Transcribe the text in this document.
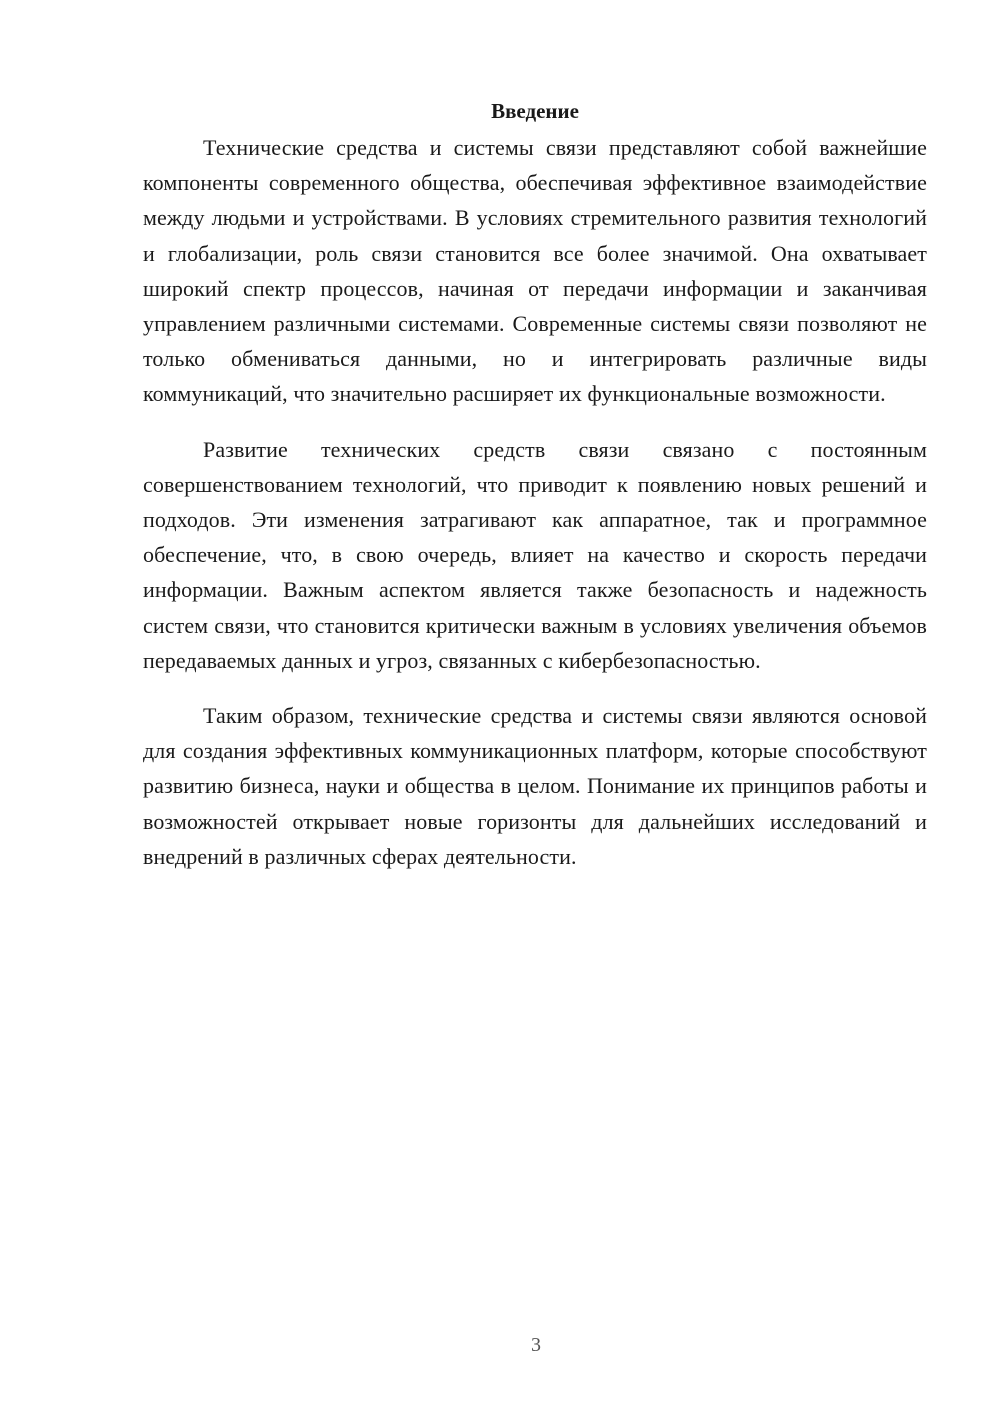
Введение

Технические средства и системы связи представляют собой важнейшие компоненты современного общества, обеспечивая эффективное взаимодействие между людьми и устройствами. В условиях стремительного развития технологий и глобализации, роль связи становится все более значимой. Она охватывает широкий спектр процессов, начиная от передачи информации и заканчивая управлением различными системами. Современные системы связи позволяют не только обмениваться данными, но и интегрировать различные виды коммуникаций, что значительно расширяет их функциональные возможности.

Развитие технических средств связи связано с постоянным совершенствованием технологий, что приводит к появлению новых решений и подходов. Эти изменения затрагивают как аппаратное, так и программное обеспечение, что, в свою очередь, влияет на качество и скорость передачи информации. Важным аспектом является также безопасность и надежность систем связи, что становится критически важным в условиях увеличения объемов передаваемых данных и угроз, связанных с кибербезопасностью.

Таким образом, технические средства и системы связи являются основой для создания эффективных коммуникационных платформ, которые способствуют развитию бизнеса, науки и общества в целом. Понимание их принципов работы и возможностей открывает новые горизонты для дальнейших исследований и внедрений в различных сферах деятельности.

3
